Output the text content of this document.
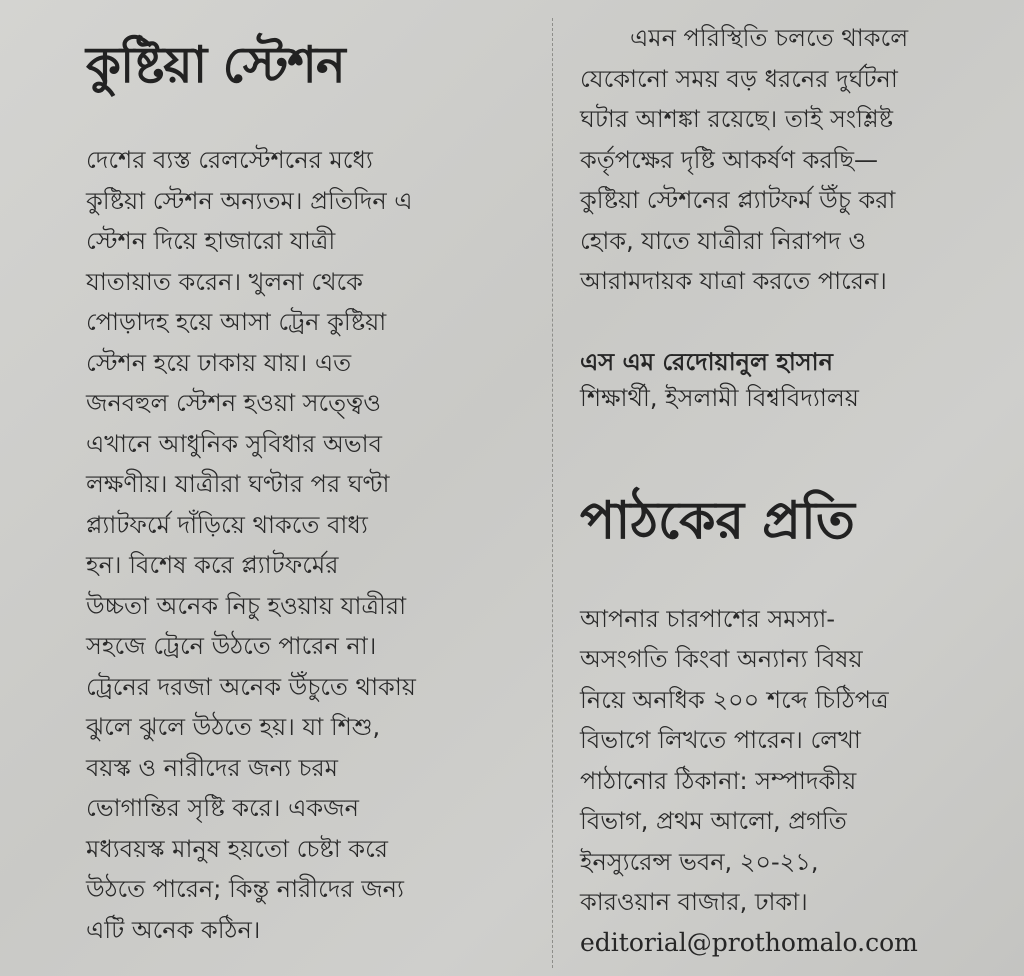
কুষ্টিয়া স্টেশন
দেশের ব্যস্ত রেলস্টেশনের মধ্যে
কুষ্টিয়া স্টেশন অন্যতম। প্রতিদিন এ
স্টেশন দিয়ে হাজারো যাত্রী
যাতায়াত করেন। খুলনা থেকে
পোড়াদহ হয়ে আসা ট্রেন কুষ্টিয়া
স্টেশন হয়ে ঢাকায় যায়। এত
জনবহুল স্টেশন হওয়া সত্ত্বেও
এখানে আধুনিক সুবিধার অভাব
লক্ষণীয়। যাত্রীরা ঘণ্টার পর ঘণ্টা
প্ল্যাটফর্মে দাঁড়িয়ে থাকতে বাধ্য
হন। বিশেষ করে প্ল্যাটফর্মের
উচ্চতা অনেক নিচু হওয়ায় যাত্রীরা
সহজে ট্রেনে উঠতে পারেন না।
ট্রেনের দরজা অনেক উঁচুতে থাকায়
ঝুলে ঝুলে উঠতে হয়। যা শিশু,
বয়স্ক ও নারীদের জন্য চরম
ভোগান্তির সৃষ্টি করে। একজন
মধ্যবয়স্ক মানুষ হয়তো চেষ্টা করে
উঠতে পারেন; কিন্তু নারীদের জন্য
এটি অনেক কঠিন।
এমন পরিস্থিতি চলতে থাকলে
যেকোনো সময় বড় ধরনের দুর্ঘটনা
ঘটার আশঙ্কা রয়েছে। তাই সংশ্লিষ্ট
কর্তৃপক্ষের দৃষ্টি আকর্ষণ করছি—
কুষ্টিয়া স্টেশনের প্ল্যাটফর্ম উঁচু করা
হোক, যাতে যাত্রীরা নিরাপদ ও
আরামদায়ক যাত্রা করতে পারেন।
এস এম রেদোয়ানুল হাসান
শিক্ষার্থী, ইসলামী বিশ্ববিদ্যালয়
পাঠকের প্রতি
আপনার চারপাশের সমস্যা-
অসংগতি কিংবা অন্যান্য বিষয়
নিয়ে অনধিক ২০০ শব্দে চিঠিপত্র
বিভাগে লিখতে পারেন। লেখা
পাঠানোর ঠিকানা: সম্পাদকীয়
বিভাগ, প্রথম আলো, প্রগতি
ইনস্যুরেন্স ভবন, ২০-২১,
কারওয়ান বাজার, ঢাকা।
editorial@prothomalo.com
